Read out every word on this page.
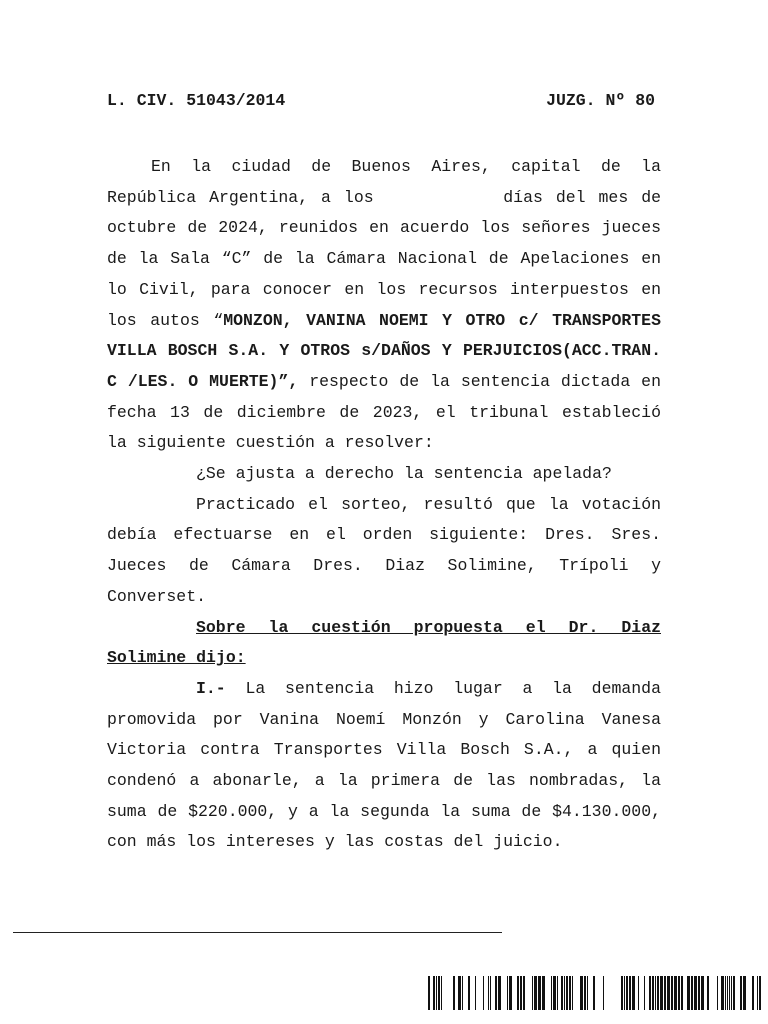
L. CIV. 51043/2014	JUZG. Nº 80

En la ciudad de Buenos Aires, capital de la República Argentina, a los          días del mes de octubre de 2024, reunidos en acuerdo los señores jueces de la Sala “C” de la Cámara Nacional de Apelaciones en lo Civil, para conocer en los recursos interpuestos en los autos “MONZON, VANINA NOEMI Y OTRO c/ TRANSPORTES VILLA BOSCH S.A. Y OTROS s/DAÑOS Y PERJUICIOS(ACC.TRAN. C /LES. O MUERTE)”, respecto de la sentencia dictada en fecha 13 de diciembre de 2023, el tribunal estableció la siguiente cuestión a resolver:

¿Se ajusta a derecho la sentencia apelada?

Practicado el sorteo, resultó que la votación debía efectuarse en el orden siguiente: Dres. Sres. Jueces de Cámara Dres. Diaz Solimine, Trípoli y Converset.

Sobre la cuestión propuesta el Dr. Diaz Solimine dijo:

I.- La sentencia hizo lugar a la demanda promovida por Vanina Noemí Monzón y Carolina Vanesa Victoria contra Transportes Villa Bosch S.A., a quien condenó a abonarle, a la primera de las nombradas, la suma de $220.000, y a la segunda la suma de $4.130.000, con más los intereses y las costas del juicio.
